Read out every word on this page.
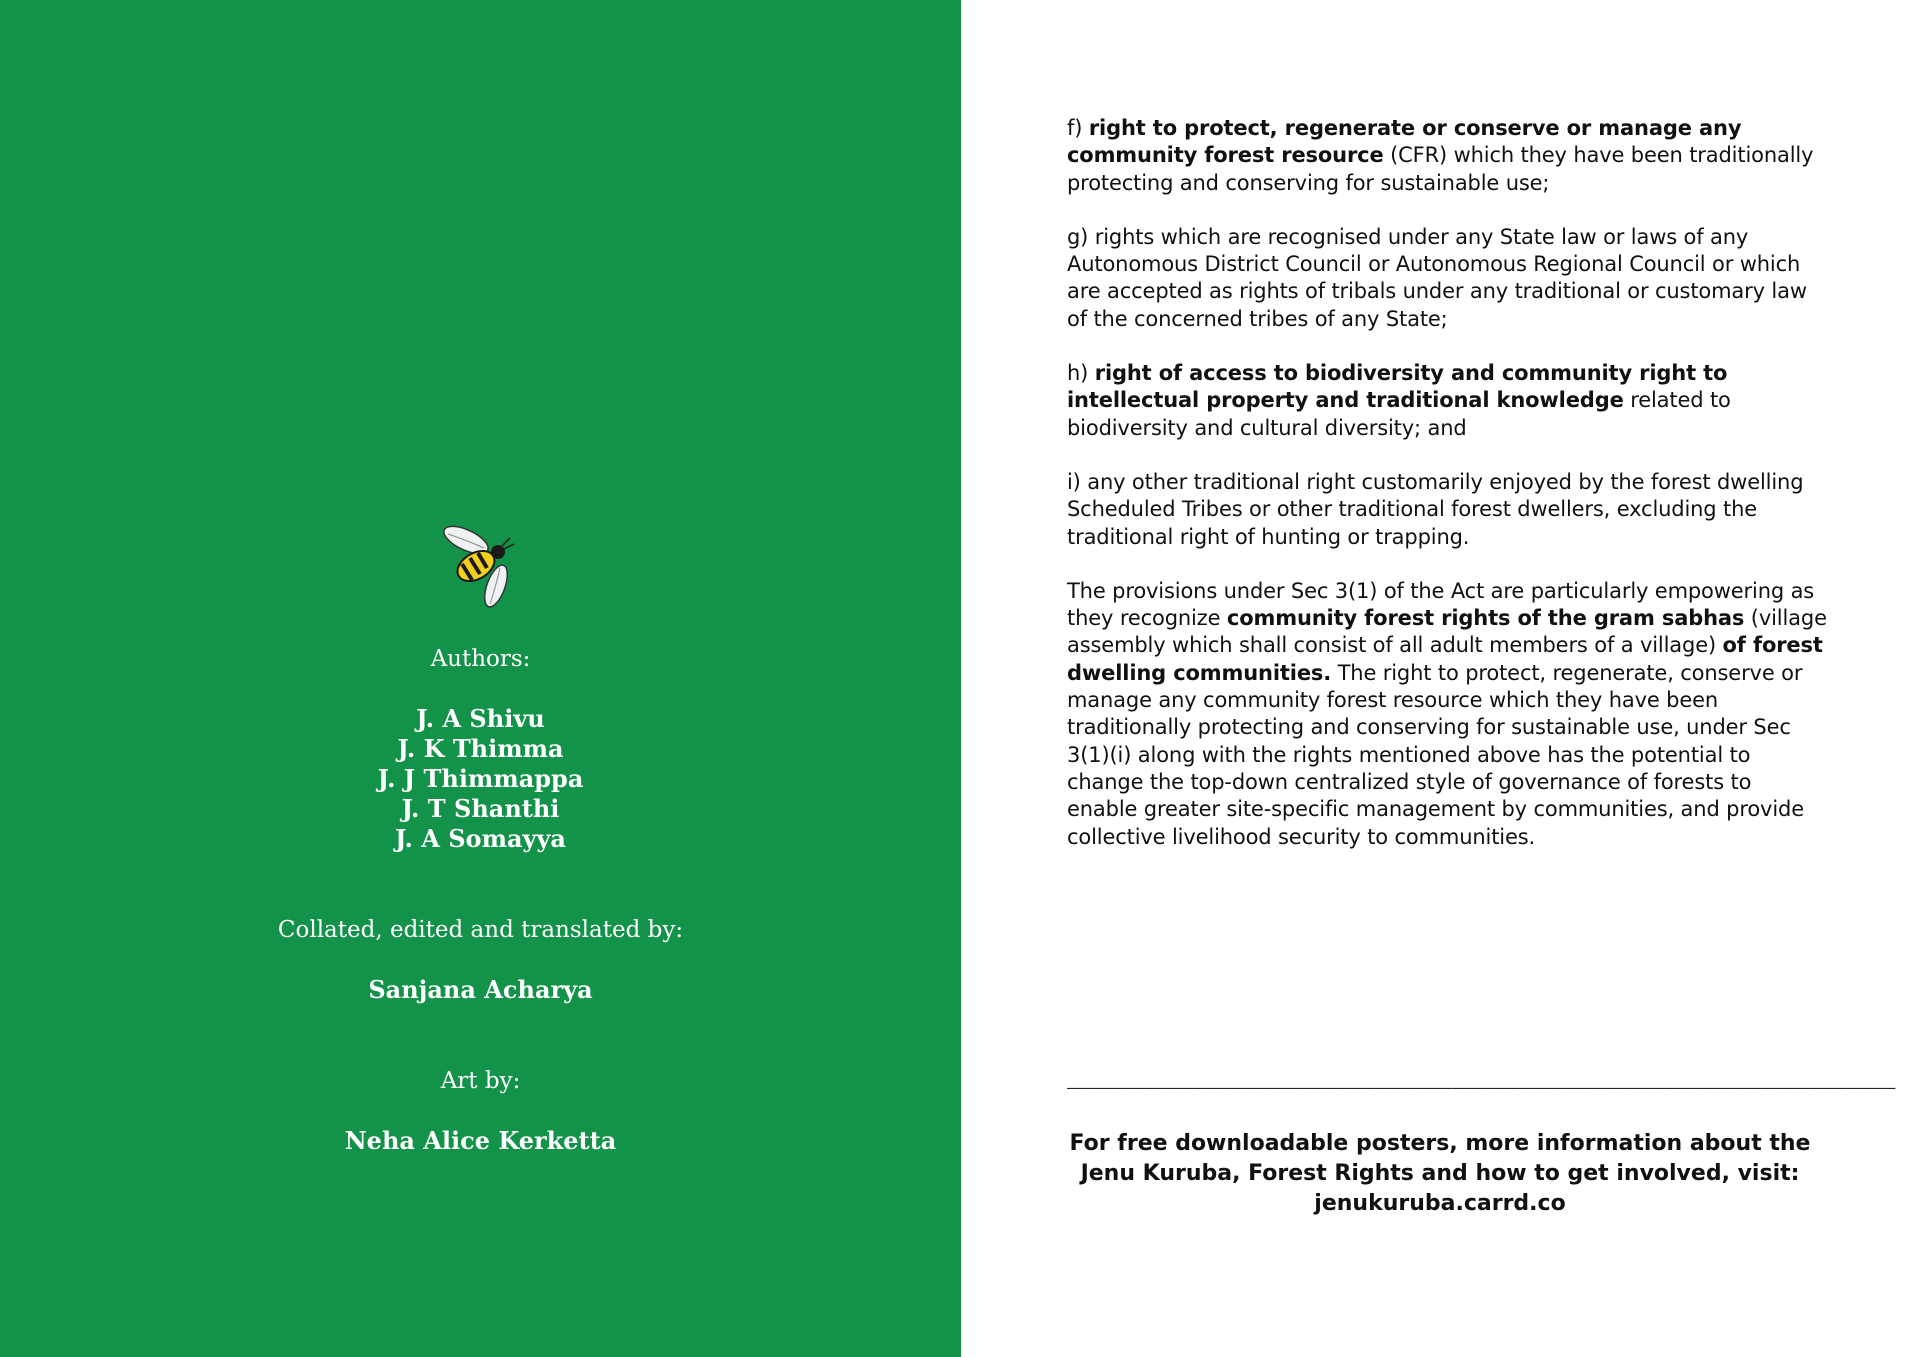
Authors:
J. A Shivu
J. K Thimma
J. J Thimmappa
J. T Shanthi
J. A Somayya
Collated, edited and translated by:
Sanjana Acharya
Art by:
Neha Alice Kerketta

f) right to protect, regenerate or conserve or manage any community forest resource (CFR) which they have been traditionally protecting and conserving for sustainable use;

g) rights which are recognised under any State law or laws of any Autonomous District Council or Autonomous Regional Council or which are accepted as rights of tribals under any traditional or customary law of the concerned tribes of any State;

h) right of access to biodiversity and community right to intellectual property and traditional knowledge related to biodiversity and cultural diversity; and

i) any other traditional right customarily enjoyed by the forest dwelling Scheduled Tribes or other traditional forest dwellers, excluding the traditional right of hunting or trapping.

The provisions under Sec 3(1) of the Act are particularly empowering as they recognize community forest rights of the gram sabhas (village assembly which shall consist of all adult members of a village) of forest dwelling communities. The right to protect, regenerate, conserve or manage any community forest resource which they have been traditionally protecting and conserving for sustainable use, under Sec 3(1)(i) along with the rights mentioned above has the potential to change the top-down centralized style of governance of forests to enable greater site-specific management by communities, and provide collective livelihood security to communities.

——————————————————————————————————————————————————————————————————————————————————————
For free downloadable posters, more information about the
Jenu Kuruba, Forest Rights and how to get involved, visit:
jenukuruba.carrd.co
